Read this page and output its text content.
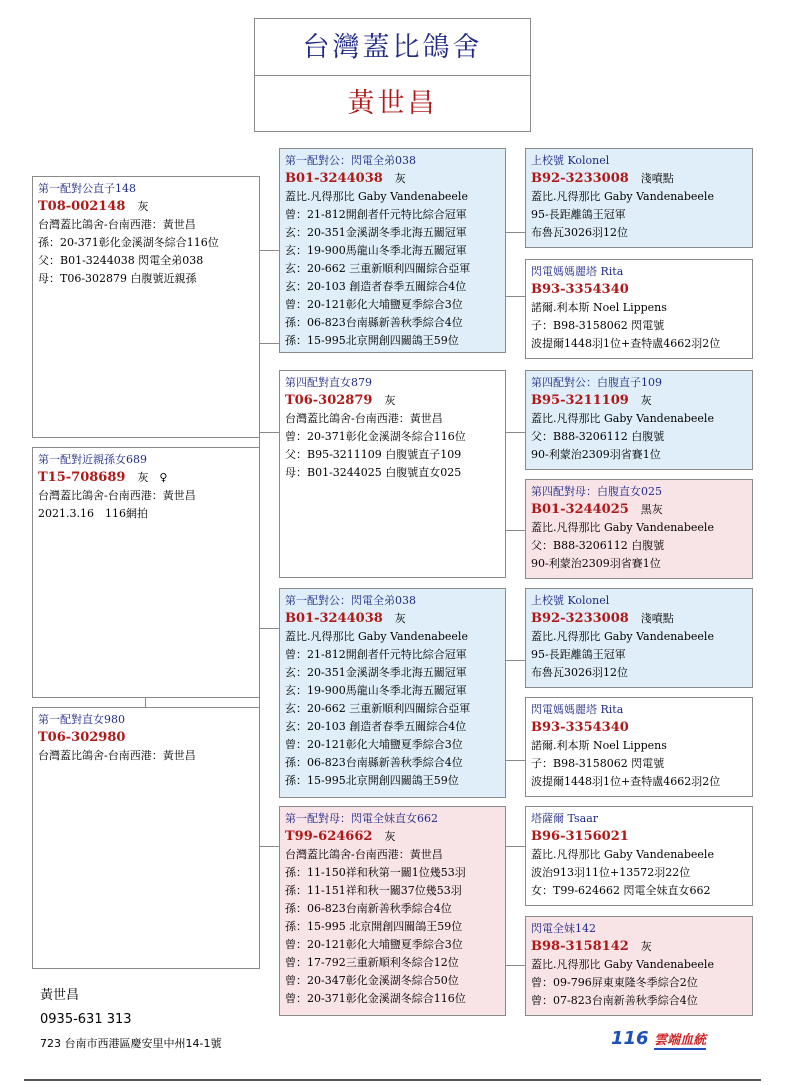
台灣蓋比鴿舍
黃世昌
第一配對公直子148
T08-002148 灰
台灣蓋比鴿舍-台南西港：黃世昌
孫：20-371彰化金溪湖冬綜合116位
父：B01-3244038 閃電全弟038
母：T06-302879 白腹號近親孫
第一配對近親孫女689
T15-708689 灰　♀
台灣蓋比鴿舍-台南西港：黃世昌
2021.3.16　116網拍
第一配對直女980
T06-302980
台灣蓋比鴿舍-台南西港：黃世昌
第一配對公：閃電全弟038
B01-3244038 灰
蓋比.凡得那比 Gaby Vandenabeele
曾：21-812開創者仟元特比綜合冠軍
玄：20-351金溪湖冬季北海五關冠軍
玄：19-900馬龍山冬季北海五關冠軍
玄：20-662 三重新順利四關綜合亞軍
玄：20-103 創造者春季五關綜合4位
曾：20-121彰化大埔鹽夏季綜合3位
孫：06-823台南縣新善秋季綜合4位
孫：15-995北京開創四關鴿王59位
第四配對直女879
T06-302879 灰
台灣蓋比鴿舍-台南西港：黃世昌
曾：20-371彰化金溪湖冬綜合116位
父：B95-3211109 白腹號直子109
母：B01-3244025 白腹號直女025
第一配對公：閃電全弟038
B01-3244038 灰
蓋比.凡得那比 Gaby Vandenabeele
曾：21-812開創者仟元特比綜合冠軍
玄：20-351金溪湖冬季北海五關冠軍
玄：19-900馬龍山冬季北海五關冠軍
玄：20-662 三重新順利四關綜合亞軍
玄：20-103 創造者春季五關綜合4位
曾：20-121彰化大埔鹽夏季綜合3位
孫：06-823台南縣新善秋季綜合4位
孫：15-995北京開創四關鴿王59位
第一配對母：閃電全妹直女662
T99-624662 灰
台灣蓋比鴿舍-台南西港：黃世昌
孫：11-150祥和秋第一關1位幾53羽
孫：11-151祥和秋一關37位幾53羽
孫：06-823台南新善秋季綜合4位
孫：15-995 北京開創四關鴿王59位
曾：20-121彰化大埔鹽夏季綜合3位
曾：17-792三重新順利冬綜合12位
曾：20-347彰化金溪湖冬綜合50位
曾：20-371彰化金溪湖冬綜合116位
上校號 Kolonel
B92-3233008 淺噴點
蓋比.凡得那比 Gaby Vandenabeele
95-長距離鴿王冠軍
布魯瓦3026羽12位
閃電媽媽麗塔 Rita
B93-3354340
諾爾.利本斯 Noel Lippens
子：B98-3158062 閃電號
波提爾1448羽1位+查特盧4662羽2位
第四配對公：白腹直子109
B95-3211109 灰
蓋比.凡得那比 Gaby Vandenabeele
父：B88-3206112 白腹號
90-利蒙治2309羽省賽1位
第四配對母：白腹直女025
B01-3244025 黑灰
蓋比.凡得那比 Gaby Vandenabeele
父：B88-3206112 白腹號
90-利蒙治2309羽省賽1位
上校號 Kolonel
B92-3233008 淺噴點
蓋比.凡得那比 Gaby Vandenabeele
95-長距離鴿王冠軍
布魯瓦3026羽12位
閃電媽媽麗塔 Rita
B93-3354340
諾爾.利本斯 Noel Lippens
子：B98-3158062 閃電號
波提爾1448羽1位+查特盧4662羽2位
塔薩爾 Tsaar
B96-3156021
蓋比.凡得那比 Gaby Vandenabeele
波治913羽11位+13572羽22位
女：T99-624662 閃電全妹直女662
閃電全妹142
B98-3158142 灰
蓋比.凡得那比 Gaby Vandenabeele
曾：09-796屏東東隆冬季綜合2位
曾：07-823台南新善秋季綜合4位
黃世昌
0935-631 313
723 台南市西港區慶安里中州14-1號	116 雲端血統
